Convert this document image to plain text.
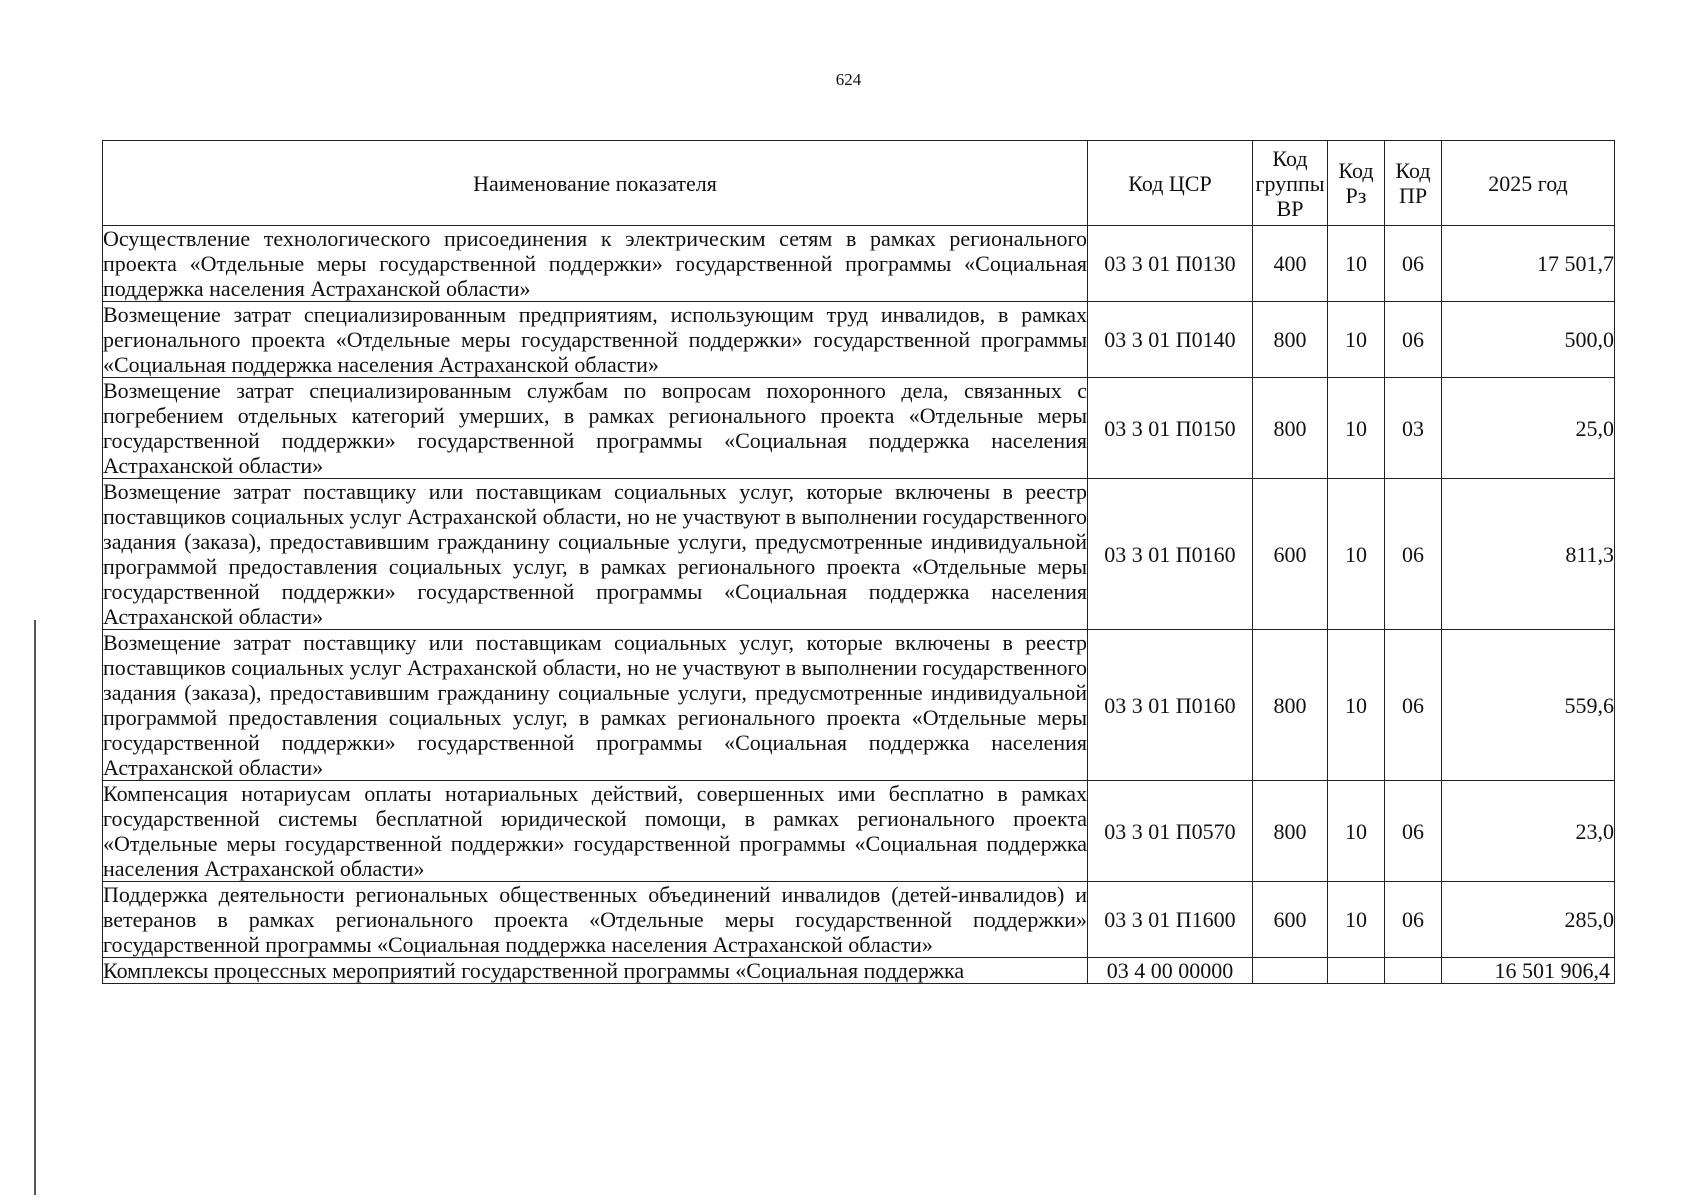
624
Наименование показателя	Код ЦСР	Код группы ВР	Код Рз	Код ПР	2025 год
Осуществление технологического присоединения к электрическим сетям в рамках регионального проекта «Отдельные меры государственной поддержки» государственной программы «Социальная поддержка населения Астраханской области»	03 3 01 П0130	400	10	06	17 501,7
Возмещение затрат специализированным предприятиям, использующим труд инвалидов, в рамках регионального проекта «Отдельные меры государственной поддержки» государственной программы «Социальная поддержка населения Астраханской области»	03 3 01 П0140	800	10	06	500,0
Возмещение затрат специализированным службам по вопросам похоронного дела, связанных с погребением отдельных категорий умерших, в рамках регионального проекта «Отдельные меры государственной поддержки» государственной программы «Социальная поддержка населения Астраханской области»	03 3 01 П0150	800	10	03	25,0
Возмещение затрат поставщику или поставщикам социальных услуг, которые включены в реестр поставщиков социальных услуг Астраханской области, но не участвуют в выполнении государственного задания (заказа), предоставившим гражданину социальные услуги, предусмотренные индивидуальной программой предоставления социальных услуг, в рамках регионального проекта «Отдельные меры государственной поддержки» государственной программы «Социальная поддержка населения Астраханской области»	03 3 01 П0160	600	10	06	811,3
Возмещение затрат поставщику или поставщикам социальных услуг, которые включены в реестр поставщиков социальных услуг Астраханской области, но не участвуют в выполнении государственного задания (заказа), предоставившим гражданину социальные услуги, предусмотренные индивидуальной программой предоставления социальных услуг, в рамках регионального проекта «Отдельные меры государственной поддержки» государственной программы «Социальная поддержка населения Астраханской области»	03 3 01 П0160	800	10	06	559,6
Компенсация нотариусам оплаты нотариальных действий, совершенных ими бесплатно в рамках государственной системы бесплатной юридической помощи, в рамках регионального проекта «Отдельные меры государственной поддержки» государственной программы «Социальная поддержка населения Астраханской области»	03 3 01 П0570	800	10	06	23,0
Поддержка деятельности региональных общественных объединений инвалидов (детей-инвалидов) и ветеранов в рамках регионального проекта «Отдельные меры государственной поддержки» государственной программы «Социальная поддержка населения Астраханской области»	03 3 01 П1600	600	10	06	285,0
Комплексы процессных мероприятий государственной программы «Социальная поддержка	03 4 00 00000				16 501 906,4
